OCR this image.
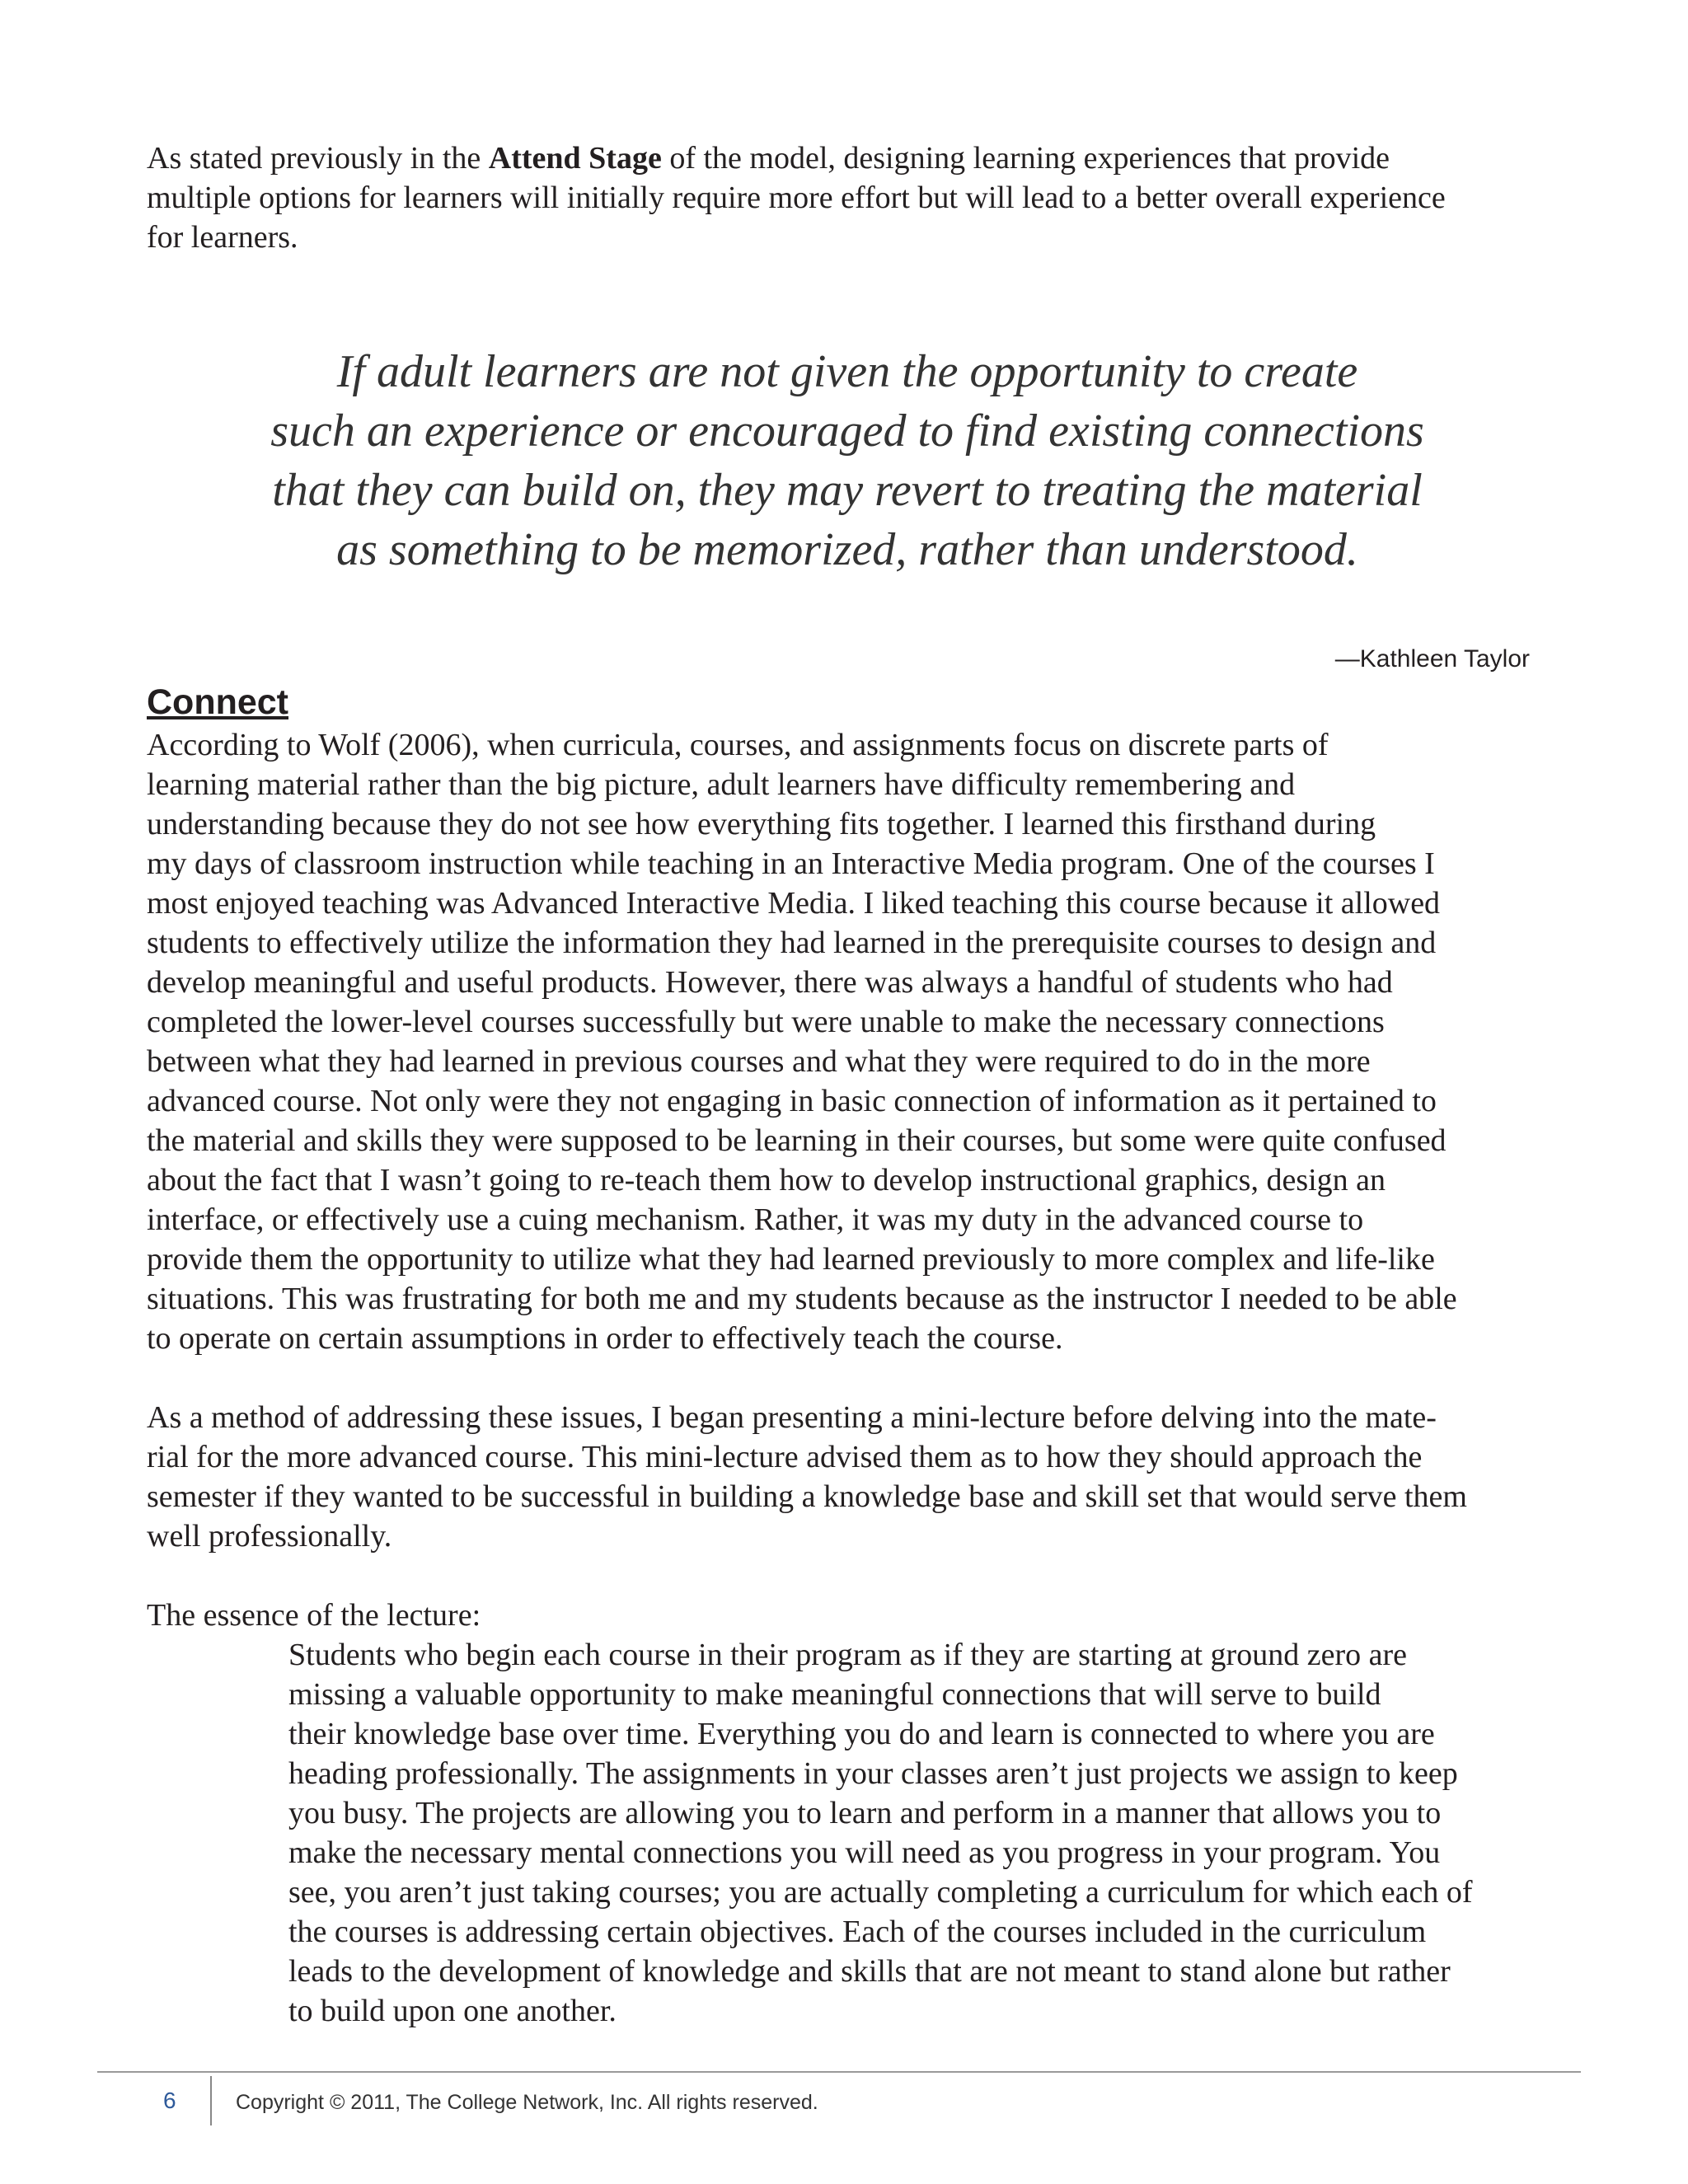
As stated previously in the Attend Stage of the model, designing learning experiences that provide
multiple options for learners will initially require more effort but will lead to a better overall experience
for learners.

If adult learners are not given the opportunity to create
such an experience or encouraged to find existing connections
that they can build on, they may revert to treating the material
as something to be memorized, rather than understood.

—Kathleen Taylor
Connect

According to Wolf (2006), when curricula, courses, and assignments focus on discrete parts of
learning material rather than the big picture, adult learners have difficulty remembering and
understanding because they do not see how everything fits together. I learned this firsthand during
my days of classroom instruction while teaching in an Interactive Media program. One of the courses I
most enjoyed teaching was Advanced Interactive Media. I liked teaching this course because it allowed
students to effectively utilize the information they had learned in the prerequisite courses to design and
develop meaningful and useful products. However, there was always a handful of students who had
completed the lower-level courses successfully but were unable to make the necessary connections
between what they had learned in previous courses and what they were required to do in the more
advanced course. Not only were they not engaging in basic connection of information as it pertained to
the material and skills they were supposed to be learning in their courses, but some were quite confused
about the fact that I wasn’t going to re-teach them how to develop instructional graphics, design an
interface, or effectively use a cuing mechanism. Rather, it was my duty in the advanced course to
provide them the opportunity to utilize what they had learned previously to more complex and life-like
situations. This was frustrating for both me and my students because as the instructor I needed to be able
to operate on certain assumptions in order to effectively teach the course.

As a method of addressing these issues, I began presenting a mini-lecture before delving into the mate-
rial for the more advanced course. This mini-lecture advised them as to how they should approach the
semester if they wanted to be successful in building a knowledge base and skill set that would serve them
well professionally.

The essence of the lecture:

Students who begin each course in their program as if they are starting at ground zero are
missing a valuable opportunity to make meaningful connections that will serve to build
their knowledge base over time. Everything you do and learn is connected to where you are
heading professionally. The assignments in your classes aren’t just projects we assign to keep
you busy. The projects are allowing you to learn and perform in a manner that allows you to
make the necessary mental connections you will need as you progress in your program. You
see, you aren’t just taking courses; you are actually completing a curriculum for which each of
the courses is addressing certain objectives. Each of the courses included in the curriculum
leads to the development of knowledge and skills that are not meant to stand alone but rather
to build upon one another.

6	Copyright © 2011, The College Network, Inc. All rights reserved.
